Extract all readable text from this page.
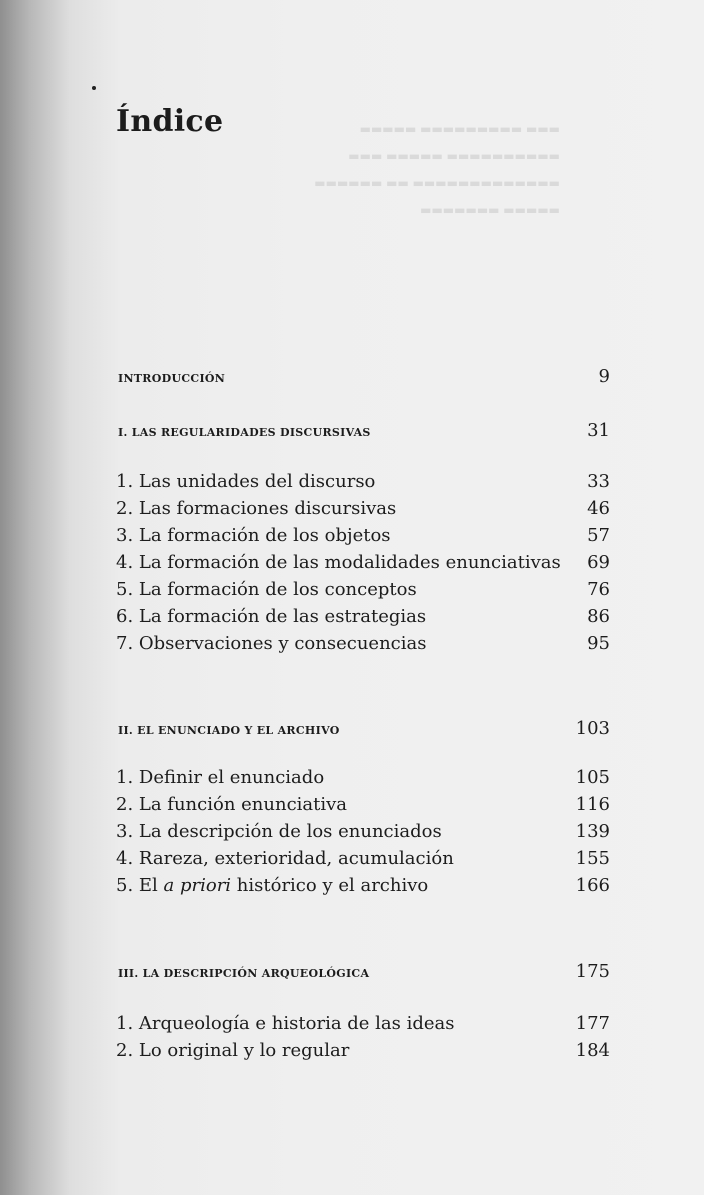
▬▬▬▬▬ ▬▬▬▬▬▬▬▬▬ ▬▬▬
▬▬▬ ▬▬▬▬▬ ▬▬▬▬▬▬▬▬▬▬
▬▬▬▬▬▬ ▬▬ ▬▬▬▬▬▬▬▬▬▬▬▬▬
▬▬▬▬▬▬▬ ▬▬▬▬▬
Índice
INTRODUCCIÓN	9
I. LAS REGULARIDADES DISCURSIVAS	31
1. Las unidades del discurso	33
2. Las formaciones discursivas	46
3. La formación de los objetos	57
4. La formación de las modalidades enunciativas 69
5. La formación de los conceptos	76
6. La formación de las estrategias	86
7. Observaciones y consecuencias	95
II. EL ENUNCIADO Y EL ARCHIVO	103
1. Definir el enunciado	105
2. La función enunciativa	116
3. La descripción de los enunciados	139
4. Rareza, exterioridad, acumulación	155
5. El a priori histórico y el archivo	166
III. LA DESCRIPCIÓN ARQUEOLÓGICA	175
1. Arqueología e historia de las ideas	177
2. Lo original y lo regular	184
